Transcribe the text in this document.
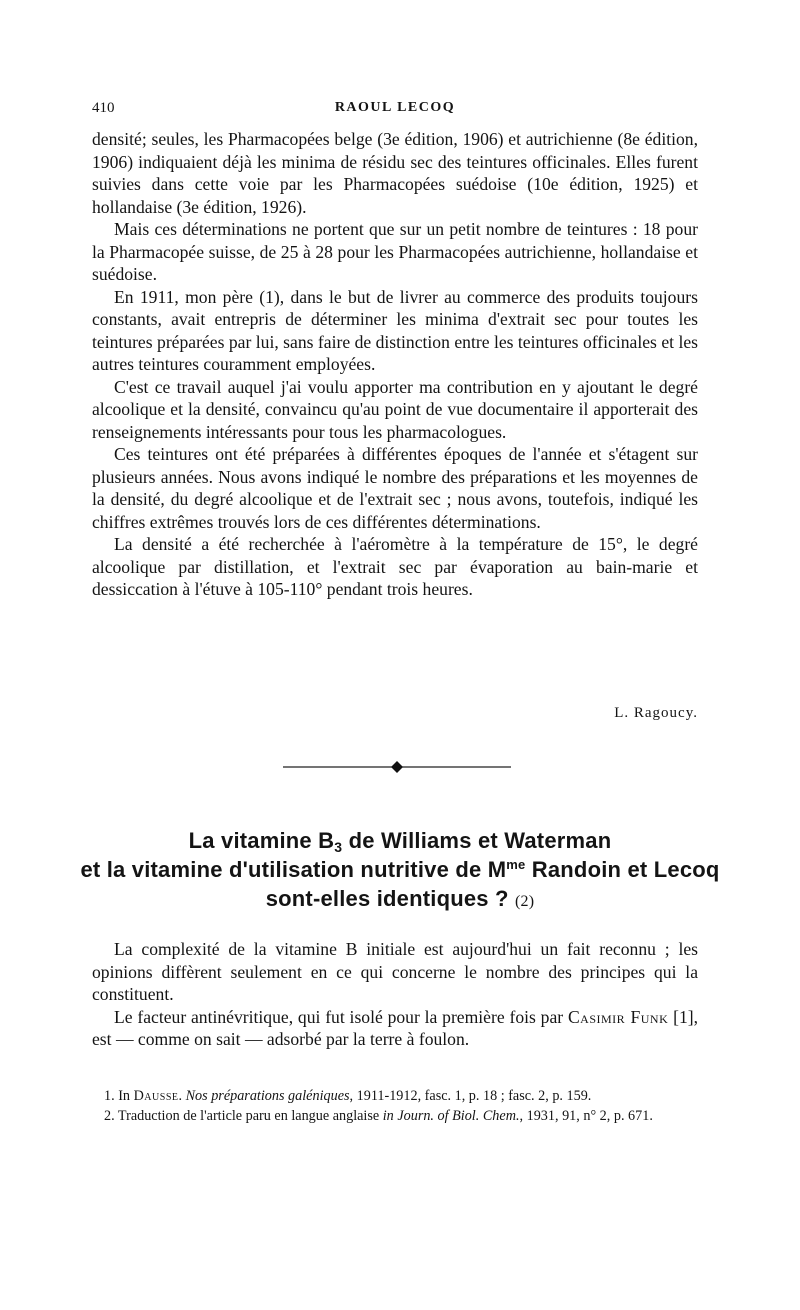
410	RAOUL LECOQ

densité; seules, les Pharmacopées belge (3e édition, 1906) et autrichienne (8e édition, 1906) indiquaient déjà les minima de résidu sec des teintures officinales. Elles furent suivies dans cette voie par les Pharmacopées suédoise (10e édition, 1925) et hollandaise (3e édition, 1926).

Mais ces déterminations ne portent que sur un petit nombre de teintures : 18 pour la Pharmacopée suisse, de 25 à 28 pour les Pharmacopées autrichienne, hollandaise et suédoise.

En 1911, mon père (1), dans le but de livrer au commerce des produits toujours constants, avait entrepris de déterminer les minima d'extrait sec pour toutes les teintures préparées par lui, sans faire de distinction entre les teintures officinales et les autres teintures couramment employées.

C'est ce travail auquel j'ai voulu apporter ma contribution en y ajoutant le degré alcoolique et la densité, convaincu qu'au point de vue documentaire il apporterait des renseignements intéressants pour tous les pharmacologues.

Ces teintures ont été préparées à différentes époques de l'année et s'étagent sur plusieurs années. Nous avons indiqué le nombre des préparations et les moyennes de la densité, du degré alcoolique et de l'extrait sec ; nous avons, toutefois, indiqué les chiffres extrêmes trouvés lors de ces différentes déterminations.

La densité a été recherchée à l'aéromètre à la température de 15°, le degré alcoolique par distillation, et l'extrait sec par évaporation au bain-marie et dessiccation à l'étuve à 105-110° pendant trois heures.

L. Ragoucy.
La vitamine $B_3$ de Williams et Waterman
et la vitamine d'utilisation nutritive de $M^{me}$ Randoin et Lecoq
sont-elles identiques ? (2)

La complexité de la vitamine B initiale est aujourd'hui un fait reconnu ; les opinions diffèrent seulement en ce qui concerne le nombre des principes qui la constituent.

Le facteur antinévritique, qui fut isolé pour la première fois par Casimir Funk [1], est — comme on sait — adsorbé par la terre à foulon.

1. In Dausse. Nos préparations galéniques, 1911-1912, fasc. 1, p. 18 ; fasc. 2, p. 159.

2. Traduction de l'article paru en langue anglaise in Journ. of Biol. Chem., 1931, 91, n° 2, p. 671.
